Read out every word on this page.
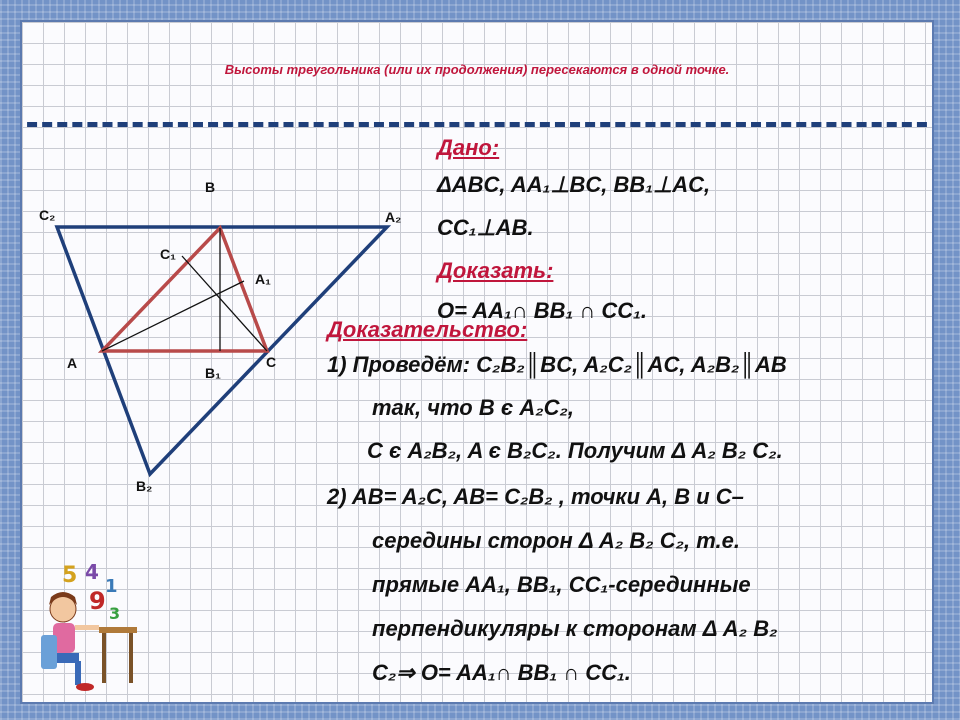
Высоты треугольника (или их продолжения) пересекаются в одной точке.
B
C₂	A₂
C₁
A₁
A	C
B₁
B₂
Дано:
ΔABC, AA₁⊥BC, BB₁⊥AC,
CC₁⊥AB.
Доказать:
O= AA₁∩ BB₁ ∩ CC₁.
Доказательство:
1) Проведём: C₂B₂║BC, A₂C₂║AC, A₂B₂║AB
так, что B є A₂C₂,
C є A₂B₂, A є B₂C₂. Получим Δ A₂ B₂ C₂.
2) AB= A₂C, AB= C₂B₂ , точки A, B и C–
середины сторон Δ A₂ B₂ C₂, т.е.
прямые AA₁, BB₁, CC₁-серединные
перпендикуляры к сторонам Δ A₂ B₂
C₂⇒ O= AA₁∩ BB₁ ∩ CC₁.
5 4
1
9 3
